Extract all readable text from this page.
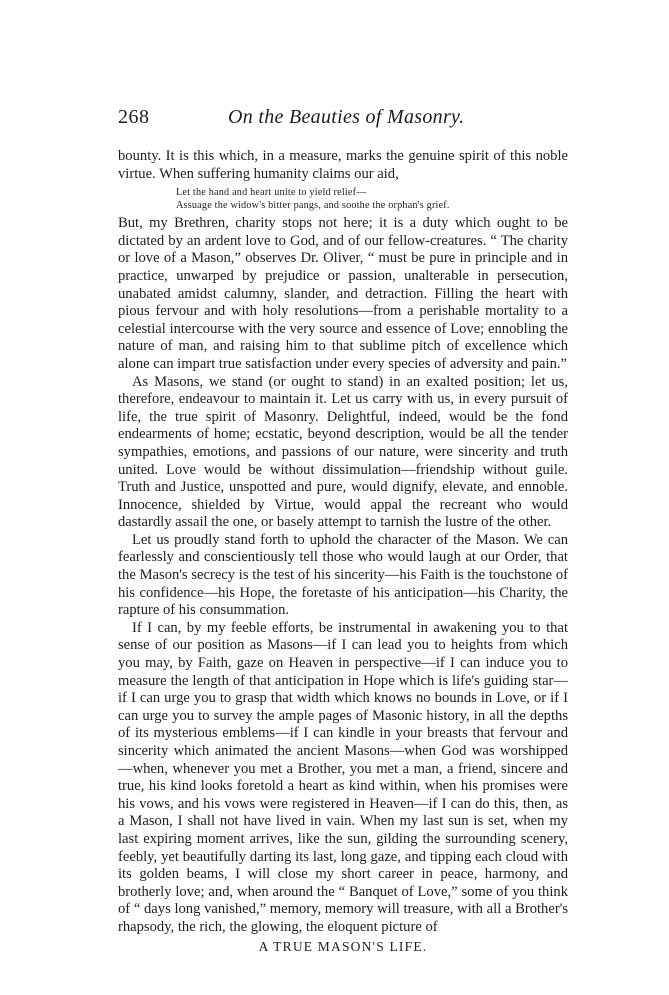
268	On the Beauties of Masonry.

bounty. It is this which, in a measure, marks the genuine spirit of this noble virtue. When suffering humanity claims our aid,

Let the hand and heart unite to yield relief—
Assuage the widow's bitter pangs, and soothe the orphan's grief.

But, my Brethren, charity stops not here; it is a duty which ought to be dictated by an ardent love to God, and of our fellow-creatures. “ The charity or love of a Mason,” observes Dr. Oliver, “ must be pure in principle and in practice, unwarped by prejudice or passion, unalterable in persecution, unabated amidst calumny, slander, and detraction. Filling the heart with pious fervour and with holy resolutions—from a perishable mortality to a celestial intercourse with the very source and essence of Love; ennobling the nature of man, and raising him to that sublime pitch of excellence which alone can impart true satisfaction under every species of adversity and pain.”

As Masons, we stand (or ought to stand) in an exalted position; let us, therefore, endeavour to maintain it. Let us carry with us, in every pursuit of life, the true spirit of Masonry. Delightful, indeed, would be the fond endearments of home; ecstatic, beyond description, would be all the tender sympathies, emotions, and passions of our nature, were sincerity and truth united. Love would be without dissimulation—friendship without guile. Truth and Justice, unspotted and pure, would dignify, elevate, and ennoble. Innocence, shielded by Virtue, would appal the recreant who would dastardly assail the one, or basely attempt to tarnish the lustre of the other.

Let us proudly stand forth to uphold the character of the Mason. We can fearlessly and conscientiously tell those who would laugh at our Order, that the Mason's secrecy is the test of his sincerity—his Faith is the touchstone of his confidence—his Hope, the foretaste of his anticipation—his Charity, the rapture of his consummation.

If I can, by my feeble efforts, be instrumental in awakening you to that sense of our position as Masons—if I can lead you to heights from which you may, by Faith, gaze on Heaven in perspective—if I can induce you to measure the length of that anticipation in Hope which is life's guiding star—if I can urge you to grasp that width which knows no bounds in Love, or if I can urge you to survey the ample pages of Masonic history, in all the depths of its mysterious emblems—if I can kindle in your breasts that fervour and sincerity which animated the ancient Masons—when God was worshipped—when, whenever you met a Brother, you met a man, a friend, sincere and true, his kind looks foretold a heart as kind within, when his promises were his vows, and his vows were registered in Heaven—if I can do this, then, as a Mason, I shall not have lived in vain. When my last sun is set, when my last expiring moment arrives, like the sun, gilding the surrounding scenery, feebly, yet beautifully darting its last, long gaze, and tipping each cloud with its golden beams, I will close my short career in peace, harmony, and brotherly love; and, when around the “ Banquet of Love,” some of you think of “ days long vanished,” memory, memory will treasure, with all a Brother's rhapsody, the rich, the glowing, the eloquent picture of

A TRUE MASON'S LIFE.
